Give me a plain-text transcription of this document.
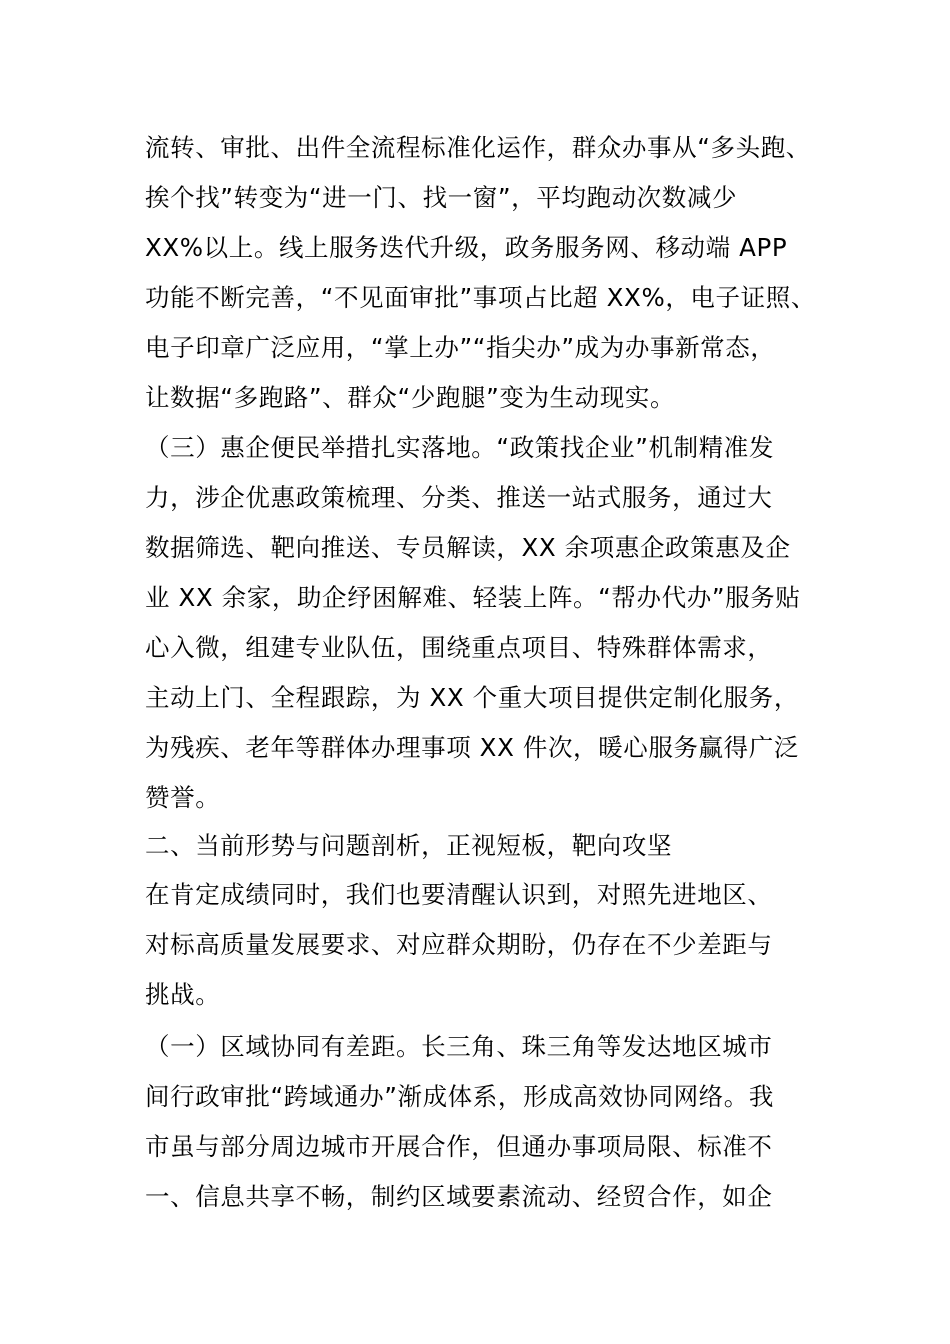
流转、审批、出件全流程标准化运作，群众办事从“多头跑、
挨个找”转变为“进一门、找一窗”，平均跑动次数减少
XX%以上。线上服务迭代升级，政务服务网、移动端 APP
功能不断完善，“不见面审批”事项占比超 XX%，电子证照、
电子印章广泛应用，“掌上办”“指尖办”成为办事新常态，
让数据“多跑路”、群众“少跑腿”变为生动现实。
（三）惠企便民举措扎实落地。“政策找企业”机制精准发
力，涉企优惠政策梳理、分类、推送一站式服务，通过大
数据筛选、靶向推送、专员解读，XX 余项惠企政策惠及企
业 XX 余家，助企纾困解难、轻装上阵。“帮办代办”服务贴
心入微，组建专业队伍，围绕重点项目、特殊群体需求，
主动上门、全程跟踪，为 XX 个重大项目提供定制化服务，
为残疾、老年等群体办理事项 XX 件次，暖心服务赢得广泛
赞誉。
二、当前形势与问题剖析，正视短板，靶向攻坚
在肯定成绩同时，我们也要清醒认识到，对照先进地区、
对标高质量发展要求、对应群众期盼，仍存在不少差距与
挑战。
（一）区域协同有差距。长三角、珠三角等发达地区城市
间行政审批“跨域通办”渐成体系，形成高效协同网络。我
市虽与部分周边城市开展合作，但通办事项局限、标准不
一、信息共享不畅，制约区域要素流动、经贸合作，如企
